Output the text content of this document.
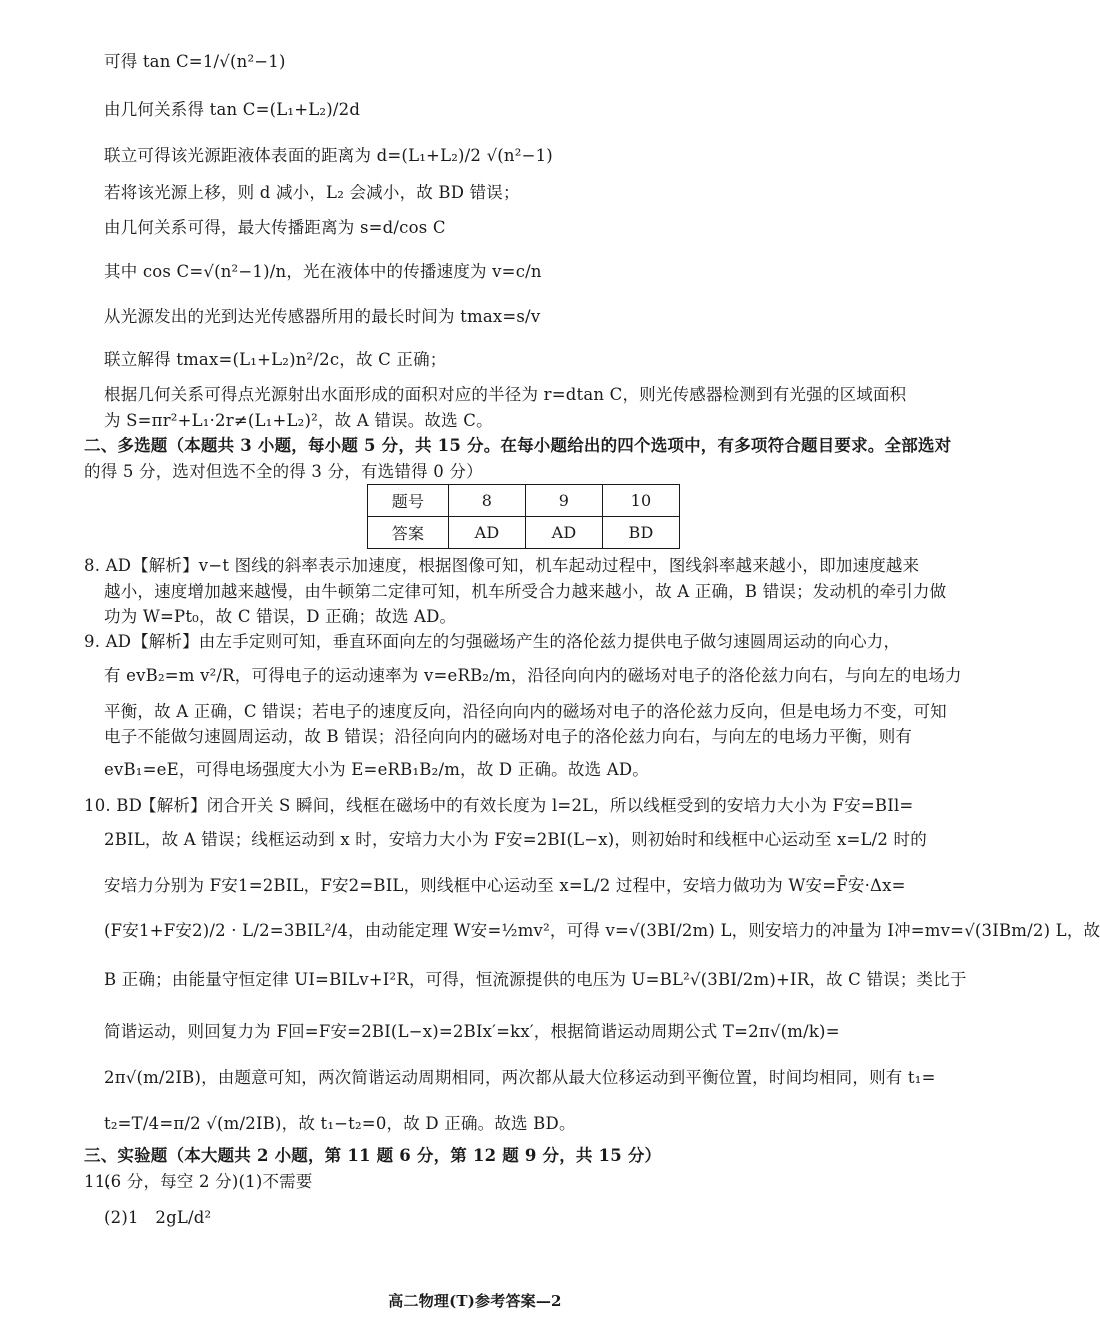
可得 tan C=1/√(n²−1)
由几何关系得 tan C=(L₁+L₂)/2d
联立可得该光源距液体表面的距离为 d=(L₁+L₂)/2 √(n²−1)
若将该光源上移，则 d 减小，L₂ 会减小，故 BD 错误；
由几何关系可得，最大传播距离为 s=d/cos C
其中 cos C=√(n²−1)/n，光在液体中的传播速度为 v=c/n
从光源发出的光到达光传感器所用的最长时间为 tmax=s/v
联立解得 tmax=(L₁+L₂)n²/2c，故 C 正确；
根据几何关系可得点光源射出水面形成的面积对应的半径为 r=dtan C，则光传感器检测到有光强的区域面积
为 S=πr²+L₁·2r≠(L₁+L₂)²，故 A 错误。故选 C。
二、多选题（本题共 3 小题，每小题 5 分，共 15 分。在每小题给出的四个选项中，有多项符合题目要求。全部选对
的得 5 分，选对但选不全的得 3 分，有选错得 0 分）
题号	8	9	10
答案	AD	AD	BD
8. AD 【解析】v−t 图线的斜率表示加速度，根据图像可知，机车起动过程中，图线斜率越来越小，即加速度越来
越小，速度增加越来越慢，由牛顿第二定律可知，机车所受合力越来越小，故 A 正确，B 错误；发动机的牵引力做
功为 W=Pt₀，故 C 错误，D 正确；故选 AD。
9. AD 【解析】由左手定则可知，垂直环面向左的匀强磁场产生的洛伦兹力提供电子做匀速圆周运动的向心力，
有 evB₂=m v²/R，可得电子的运动速率为 v=eRB₂/m，沿径向向内的磁场对电子的洛伦兹力向右，与向左的电场力
平衡，故 A 正确，C 错误；若电子的速度反向，沿径向向内的磁场对电子的洛伦兹力反向，但是电场力不变，可知
电子不能做匀速圆周运动，故 B 错误；沿径向向内的磁场对电子的洛伦兹力向右，与向左的电场力平衡，则有
evB₁=eE，可得电场强度大小为 E=eRB₁B₂/m，故 D 正确。故选 AD。
10. BD
【解析】闭合开关 S 瞬间，线框在磁场中的有效长度为 l=2L，所以线框受到的安培力大小为 F安=BIl=
2BIL，故 A 错误；线框运动到 x 时，安培力大小为 F安=2BI(L−x)，则初始时和线框中心运动至 x=L/2 时的
安培力分别为 F安1=2BIL，F安2=BIL，则线框中心运动至 x=L/2 过程中，安培力做功为 W安=F̄安·Δx=
(F安1+F安2)/2 · L/2=3BIL²/4，由动能定理 W安=½mv²，可得 v=√(3BI/2m) L，则安培力的冲量为 I冲=mv=√(3IBm/2) L，故
B 正确；由能量守恒定律 UI=BILv+I²R，可得，恒流源提供的电压为 U=BL²√(3BI/2m)+IR，故 C 错误；类比于
简谐运动，则回复力为 F回=F安=2BI(L−x)=2BIx′=kx′，根据简谐运动周期公式 T=2π√(m/k)=
2π√(m/2IB)，由题意可知，两次简谐运动周期相同，两次都从最大位移运动到平衡位置，时间均相同，则有 t₁=
t₂=T/4=π/2 √(m/2IB)，故 t₁−t₂=0，故 D 正确。故选 BD。
三、实验题（本大题共 2 小题，第 11 题 6 分，第 12 题 9 分，共 15 分）
11.
(6 分，每空 2 分)(1)不需要
(2)1　2gL/d²
高二物理(T)参考答案—2
